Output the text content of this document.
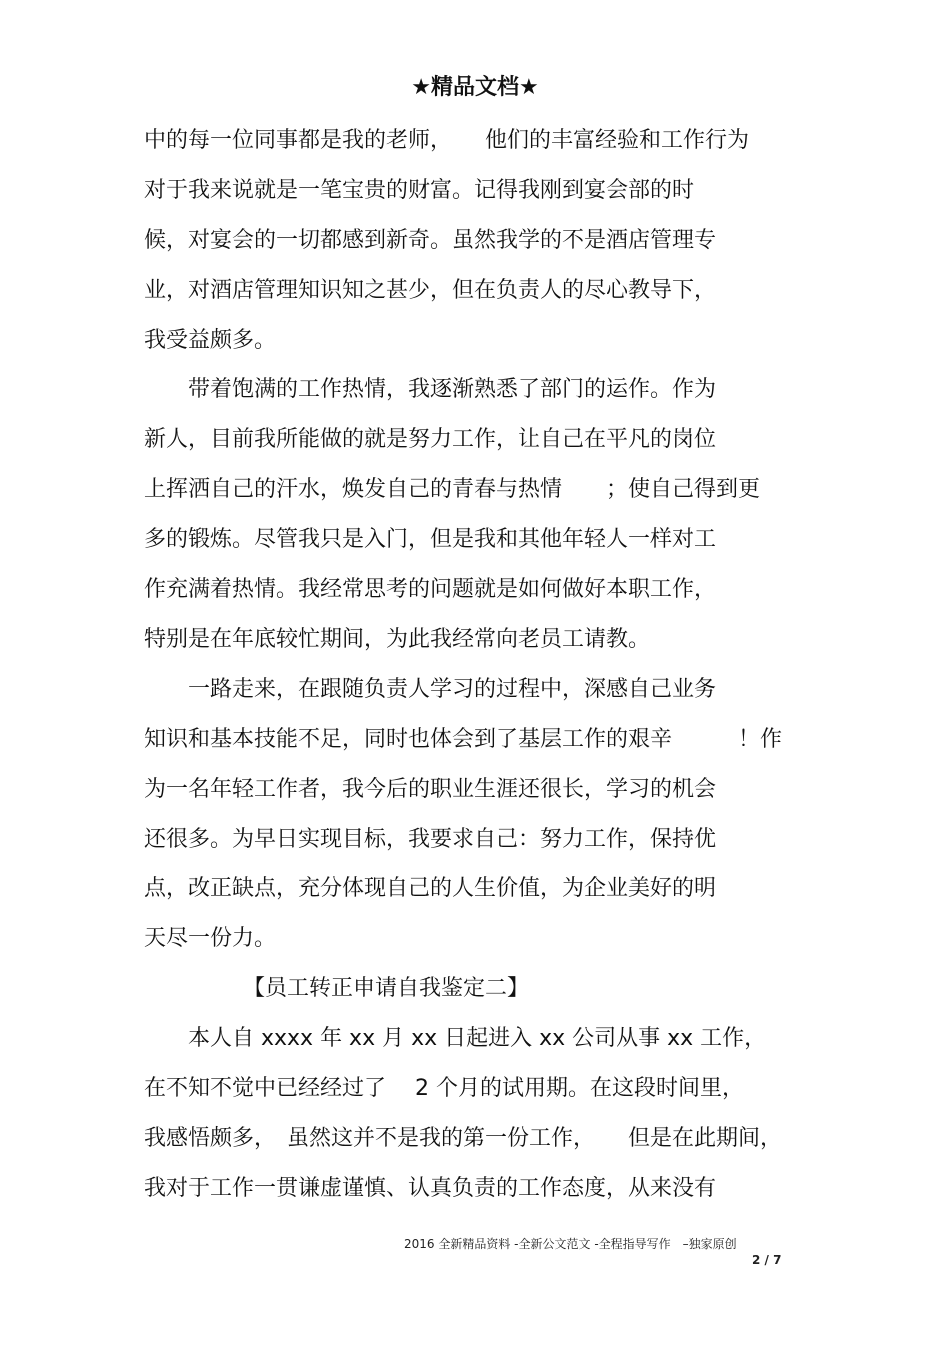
★精品文档★
中的每一位同事都是我的老师，　　他们的丰富经验和工作行为
对于我来说就是一笔宝贵的财富。记得我刚到宴会部的时
候，对宴会的一切都感到新奇。虽然我学的不是酒店管理专
业，对酒店管理知识知之甚少，但在负责人的尽心教导下，
我受益颇多。
　　带着饱满的工作热情，我逐渐熟悉了部门的运作。作为
新人，目前我所能做的就是努力工作，让自己在平凡的岗位
上挥洒自己的汗水，焕发自己的青春与热情　　；使自己得到更
多的锻炼。尽管我只是入门，但是我和其他年轻人一样对工
作充满着热情。我经常思考的问题就是如何做好本职工作，
特别是在年底较忙期间，为此我经常向老员工请教。
　　一路走来，在跟随负责人学习的过程中，深感自己业务
知识和基本技能不足，同时也体会到了基层工作的艰辛　　　！作
为一名年轻工作者，我今后的职业生涯还很长，学习的机会
还很多。为早日实现目标，我要求自己：努力工作，保持优
点，改正缺点，充分体现自己的人生价值，为企业美好的明
天尽一份力。
　　　　　【员工转正申请自我鉴定二】
　　本人自 xxxx 年 xx 月 xx 日起进入 xx 公司从事 xx 工作，
在不知不觉中已经经过了　 2 个月的试用期。在这段时间里，
我感悟颇多，　虽然这并不是我的第一份工作，　　但是在此期间，
我对于工作一贯谦虚谨慎、认真负责的工作态度，从来没有
2016 全新精品资料 -全新公文范文 -全程指导写作　–独家原创
2 / 7
